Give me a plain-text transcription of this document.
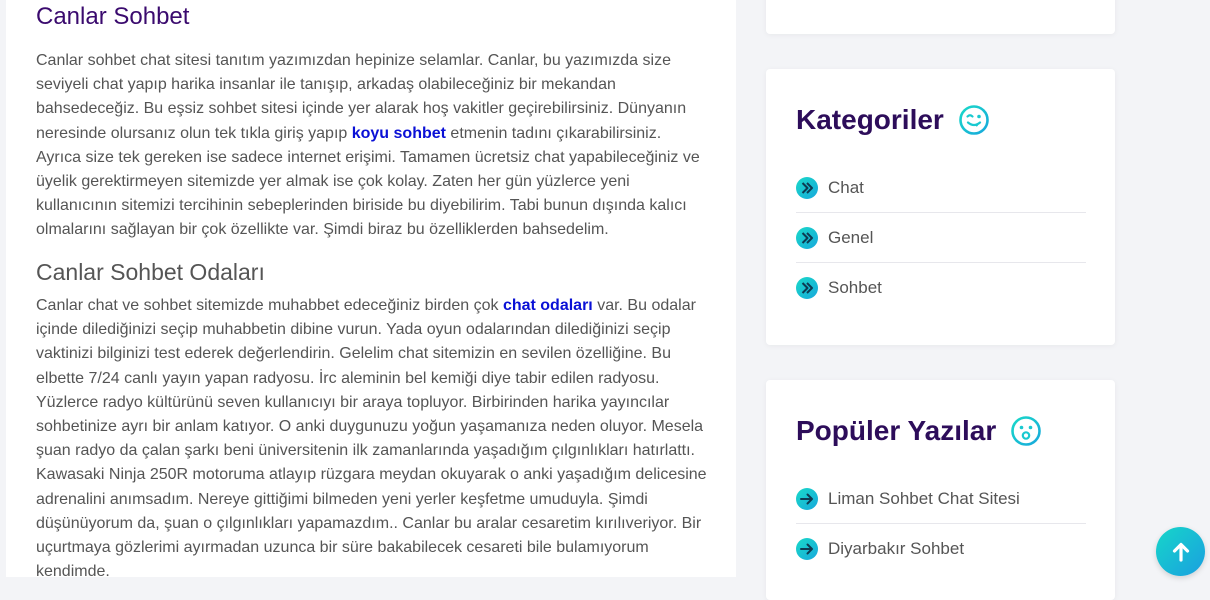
Canlar Sohbet

Canlar sohbet chat sitesi tanıtım yazımızdan hepinize selamlar. Canlar, bu yazımızda size seviyeli chat yapıp harika insanlar ile tanışıp, arkadaş olabileceğiniz bir mekandan bahsedeceğiz. Bu eşsiz sohbet sitesi içinde yer alarak hoş vakitler geçirebilirsiniz. Dünyanın neresinde olursanız olun tek tıkla giriş yapıp koyu sohbet etmenin tadını çıkarabilirsiniz. Ayrıca size tek gereken ise sadece internet erişimi. Tamamen ücretsiz chat yapabileceğiniz ve üyelik gerektirmeyen sitemizde yer almak ise çok kolay. Zaten her gün yüzlerce yeni kullanıcının sitemizi tercihinin sebeplerinden biriside bu diyebilirim. Tabi bunun dışında kalıcı olmalarını sağlayan bir çok özellikte var. Şimdi biraz bu özelliklerden bahsedelim.

Canlar Sohbet Odaları

Canlar chat ve sohbet sitemizde muhabbet edeceğiniz birden çok chat odaları var. Bu odalar içinde dilediğinizi seçip muhabbetin dibine vurun. Yada oyun odalarından dilediğinizi seçip vaktinizi bilginizi test ederek değerlendirin. Gelelim chat sitemizin en sevilen özelliğine. Bu elbette 7/24 canlı yayın yapan radyosu. İrc aleminin bel kemiği diye tabir edilen radyosu. Yüzlerce radyo kültürünü seven kullanıcıyı bir araya topluyor. Birbirinden harika yayıncılar sohbetinize ayrı bir anlam katıyor. O anki duygunuzu yoğun yaşamanıza neden oluyor. Mesela şuan radyo da çalan şarkı beni üniversitenin ilk zamanlarında yaşadığım çılgınlıkları hatırlattı. Kawasaki Ninja 250R motoruma atlayıp rüzgara meydan okuyarak o anki yaşadığım delicesine adrenalini anımsadım. Nereye gittiğimi bilmeden yeni yerler keşfetme umuduyla. Şimdi düşünüyorum da, şuan o çılgınlıkları yapamazdım.. Canlar bu aralar cesaretim kırılıveriyor. Bir uçurtmaya gözlerimi ayırmadan uzunca bir süre bakabilecek cesareti bile bulamıyorum kendimde.

Kategoriler
Chat
Genel
Sohbet
Popüler Yazılar
Liman Sohbet Chat Sitesi
Diyarbakır Sohbet
